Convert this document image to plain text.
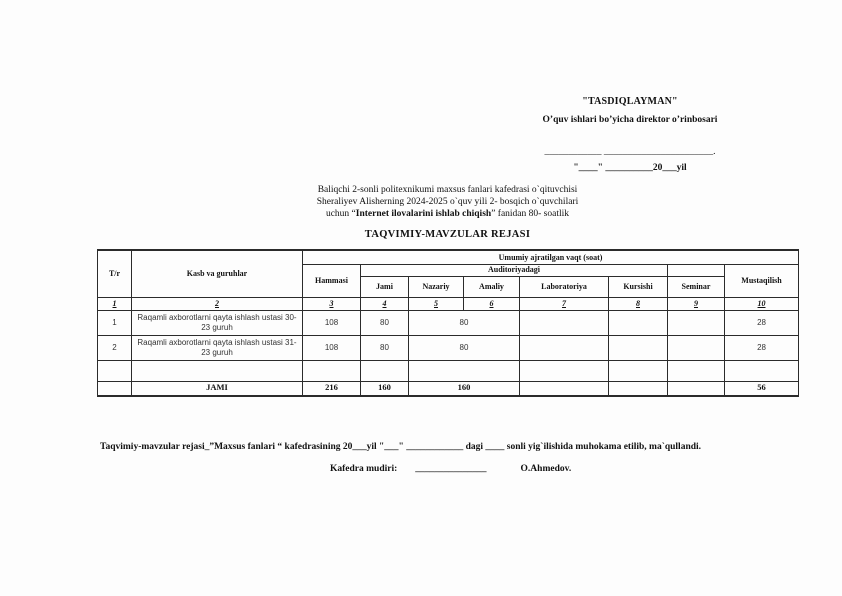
"TASDIQLAYMAN"
O’quv ishlari bo’yicha direktor o’rinbosari
____________ _______________________.
"____" __________20___yil
Baliqchi 2-sonli politexnikumi maxsus fanlari kafedrasi o`qituvchisi
Sheraliyev Alisherning 2024-2025 o`quv yili 2- bosqich o`quvchilari
uchun “Internet ilovalarini ishlab chiqish” fanidan 80- soatlik
TAQVIMIY-MAVZULAR REJASI
T/r	Kasb va guruhlar	Umumiy ajratilgan vaqt (soat)							
		Hammasi	Auditoriyadagi						Mustaqilish
			Jami	Nazariy	Amaliy	Laboratoriya	Kursishi	Seminar	
1	2	3	4	5	6	7	8	9	10
1	Raqamli axborotlarni qayta ishlash ustasi 30-23 guruh	108	80	80					28
2	Raqamli axborotlarni qayta ishlash ustasi 31-23 guruh	108	80	80					28

	JAMI	216	160	160					56
Taqvimiy-mavzular rejasi_”Maxsus fanlari “ kafedrasining 20___yil "___" ____________ dagi ____ sonli yig`ilishida muhokama etilib, ma`qullandi.
Kafedra mudiri: _______________	O.Ahmedov.
